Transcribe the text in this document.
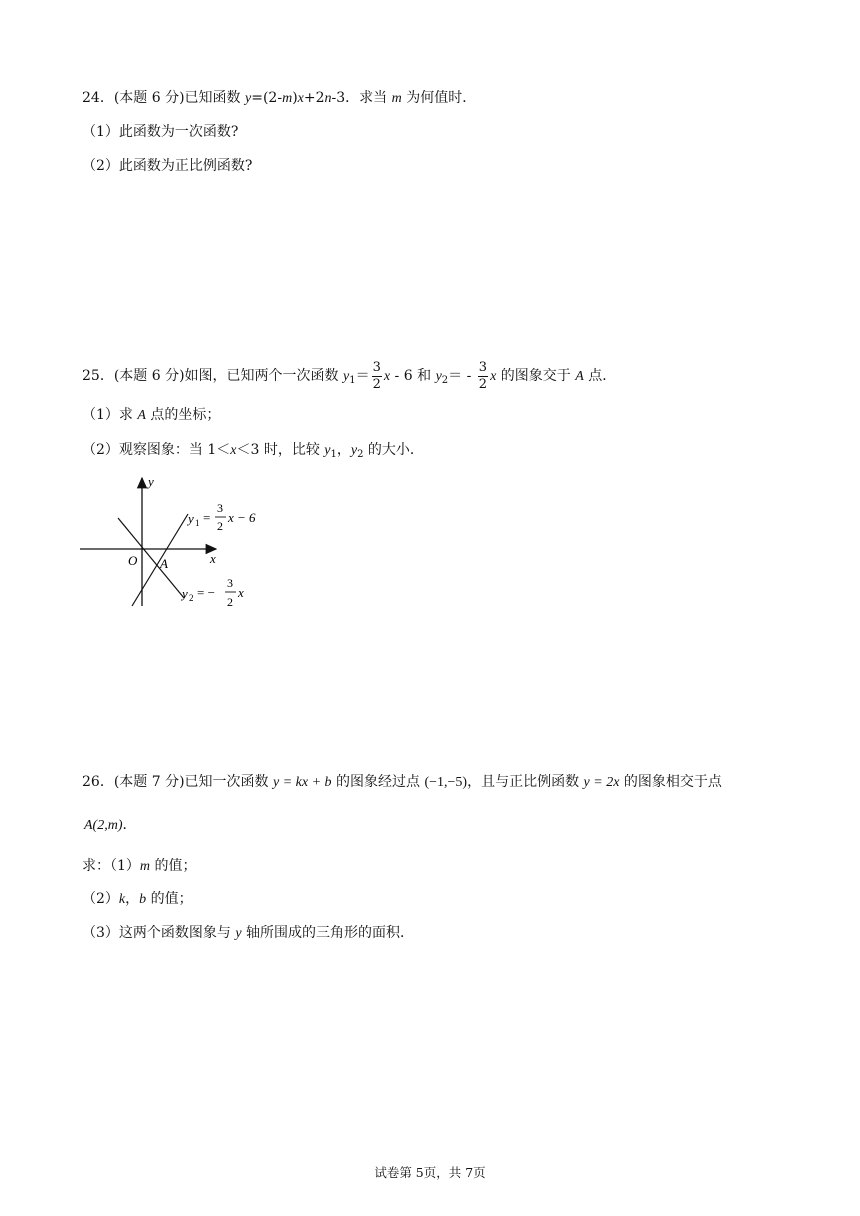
24．(本题 6 分)已知函数 y=(2-m)x+2n-3．求当 m 为何值时．
（1）此函数为一次函数?
（2）此函数为正比例函数?
25．(本题 6 分)如图，已知两个一次函数 $y_1= \frac{3}{2}$ x - 6 和 $y_2= - \frac{3}{2}$ x 的图象交于 A 点．
（1）求 A 点的坐标；
（2）观察图象：当 1＜x＜3 时，比较 $y_1$，$y_2$ 的大小．
y
x
O A
y 1 =
3
2
x − 6
y 2 = −
3
2
x
26．(本题 7 分)已知一次函数 y = kx + b 的图象经过点 (−1,−5)，且与正比例函数 y = 2x 的图象相交于点
A(2,m)．
求：（1）m 的值；
（2）k，b 的值；
（3）这两个函数图象与 y 轴所围成的三角形的面积．
试卷第 5页，共 7页
